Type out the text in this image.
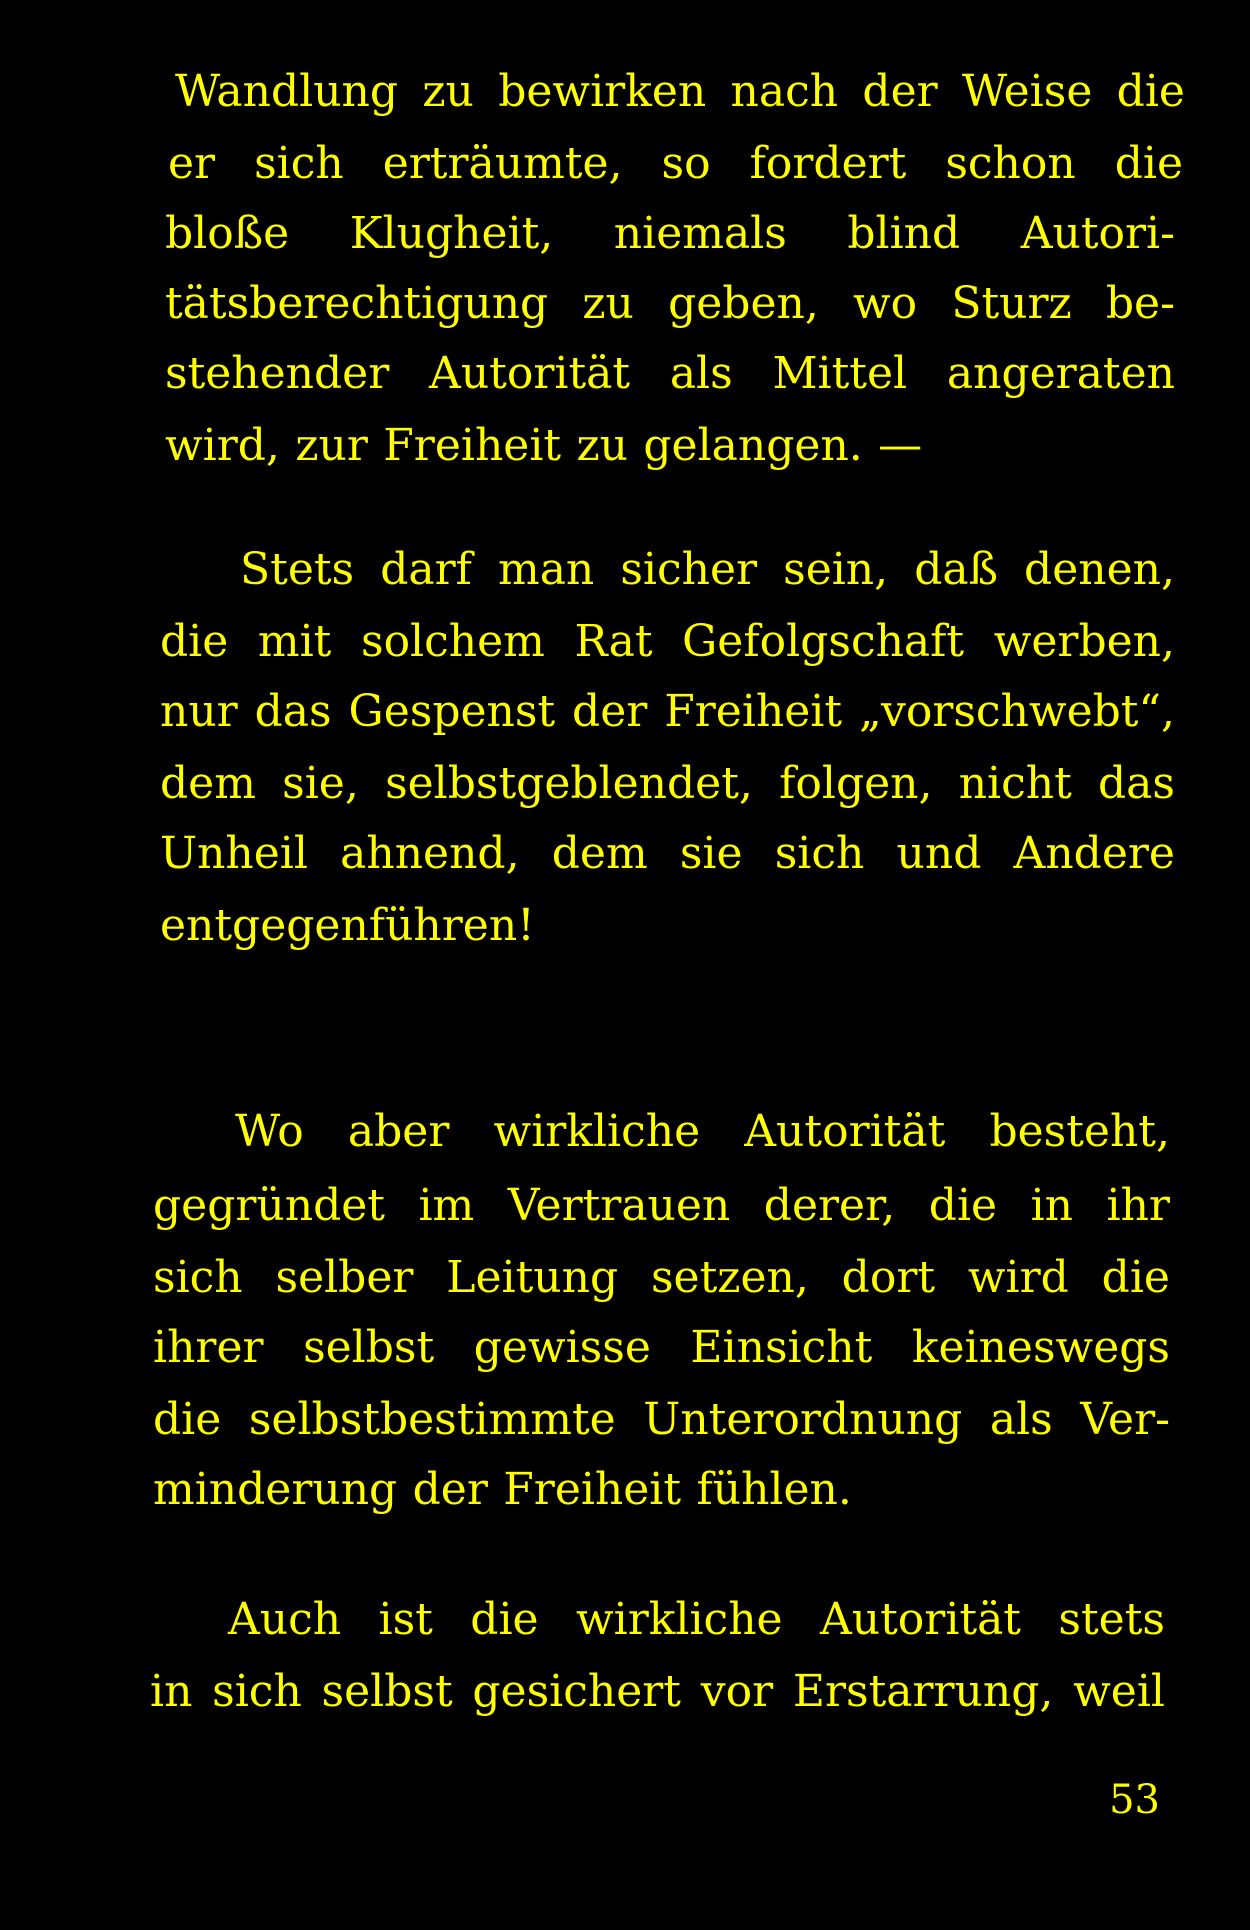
Wandlung zu bewirken nach der Weise die
er sich erträumte, so fordert schon die
bloße Klugheit, niemals blind Autori-
tätsberechtigung zu geben, wo Sturz be-
stehender Autorität als Mittel angeraten
wird, zur Freiheit zu gelangen. —
Stets darf man sicher sein, daß denen,
die mit solchem Rat Gefolgschaft werben,
nur das Gespenst der Freiheit „vorschwebt“,
dem sie, selbstgeblendet, folgen, nicht das
Unheil ahnend, dem sie sich und Andere
entgegenführen!
Wo aber wirkliche Autorität besteht,
gegründet im Vertrauen derer, die in ihr
sich selber Leitung setzen, dort wird die
ihrer selbst gewisse Einsicht keineswegs
die selbstbestimmte Unterordnung als Ver-
minderung der Freiheit fühlen.
Auch ist die wirkliche Autorität stets
in sich selbst gesichert vor Erstarrung, weil
53
